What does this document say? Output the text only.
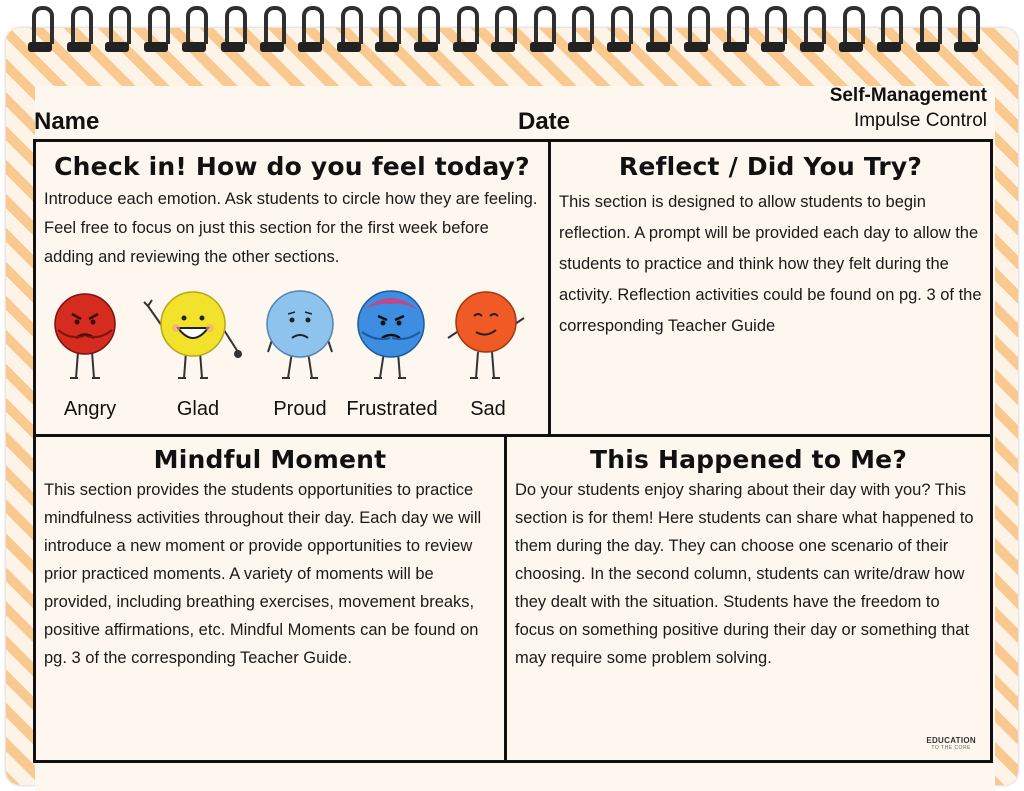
Name	Date
Self-Management
Impulse Control
Check in! How do you feel today?
Introduce each emotion. Ask students to circle how they are feeling. Feel free to focus on just this section for the first week before adding and reviewing the other sections.
Angry	Glad	Proud Frustrated	Sad
Reflect / Did You Try?
This section is designed to allow students to begin reflection. A prompt will be provided each day to allow the students to practice and think how they felt during the activity. Reflection activities could be found on pg. 3 of the corresponding Teacher Guide
Mindful Moment
This section provides the students opportunities to practice mindfulness activities throughout their day. Each day we will introduce a new moment or provide opportunities to review prior practiced moments. A variety of moments will be provided, including breathing exercises, movement breaks, positive affirmations, etc. Mindful Moments can be found on pg. 3 of the corresponding Teacher Guide.
This Happened to Me?
Do your students enjoy sharing about their day with you? This section is for them! Here students can share what happened to them during the day. They can choose one scenario of their choosing. In the second column, students can write/draw how they dealt with the situation. Students have the freedom to focus on something positive during their day or something that may require some problem solving.
EDUCATION
TO THE CORE
